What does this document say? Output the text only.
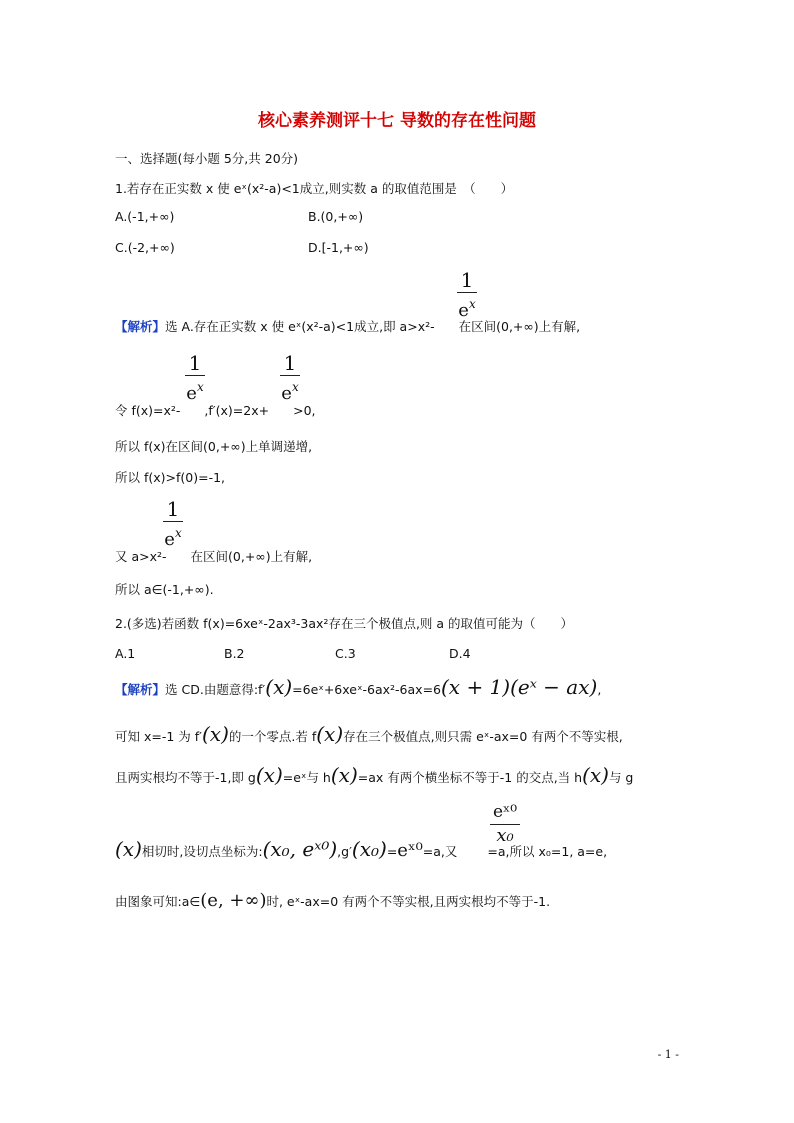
核心素养测评十七 导数的存在性问题
一、选择题(每小题 5分,共 20分)
1.若存在正实数 x 使 eˣ(x²-a)<1成立,则实数 a 的取值范围是　（　　）
A.(-1,+∞)	B.(0,+∞)
C.(-2,+∞)	D.[-1,+∞)
1
$e^x$
【解析】选 A.存在正实数 x 使 eˣ(x²-a)<1成立,即 a>x²- 在区间(0,+∞)上有解,
1
$e^x$
1
$e^x$
令 f(x)=x²- ,f′(x)=2x+ >0,
所以 f(x)在区间(0,+∞)上单调递增,
所以 f(x)>f(0)=-1,
1
$e^x$
又 a>x²- 在区间(0,+∞)上有解,
所以 a∈(-1,+∞).
2.(多选)若函数 f(x)=6xeˣ-2ax³-3ax²存在三个极值点,则 a 的取值可能为（　　）
A.1	B.2	C.3	D.4
【解析】选 CD.由题意得:f′(x)=6eˣ+6xeˣ-6ax²-6ax=6(x + 1)(eˣ − ax),
可知 x=-1 为 f′(x)的一个零点.若 f(x)存在三个极值点,则只需 eˣ-ax=0 有两个不等实根,
且两实根均不等于-1,即 g(x)=eˣ与 h(x)=ax 有两个横坐标不等于-1 的交点,当 h(x)与 g
eˣ⁰
x₀
(x)相切时,设切点坐标为:(x₀, eˣ⁰),g′(x₀)=eˣ⁰=a,又 =a,所以 x₀=1, a=e,
由图象可知:a∈(e, +∞)时, eˣ-ax=0 有两个不等实根,且两实根均不等于-1.
- 1 -
